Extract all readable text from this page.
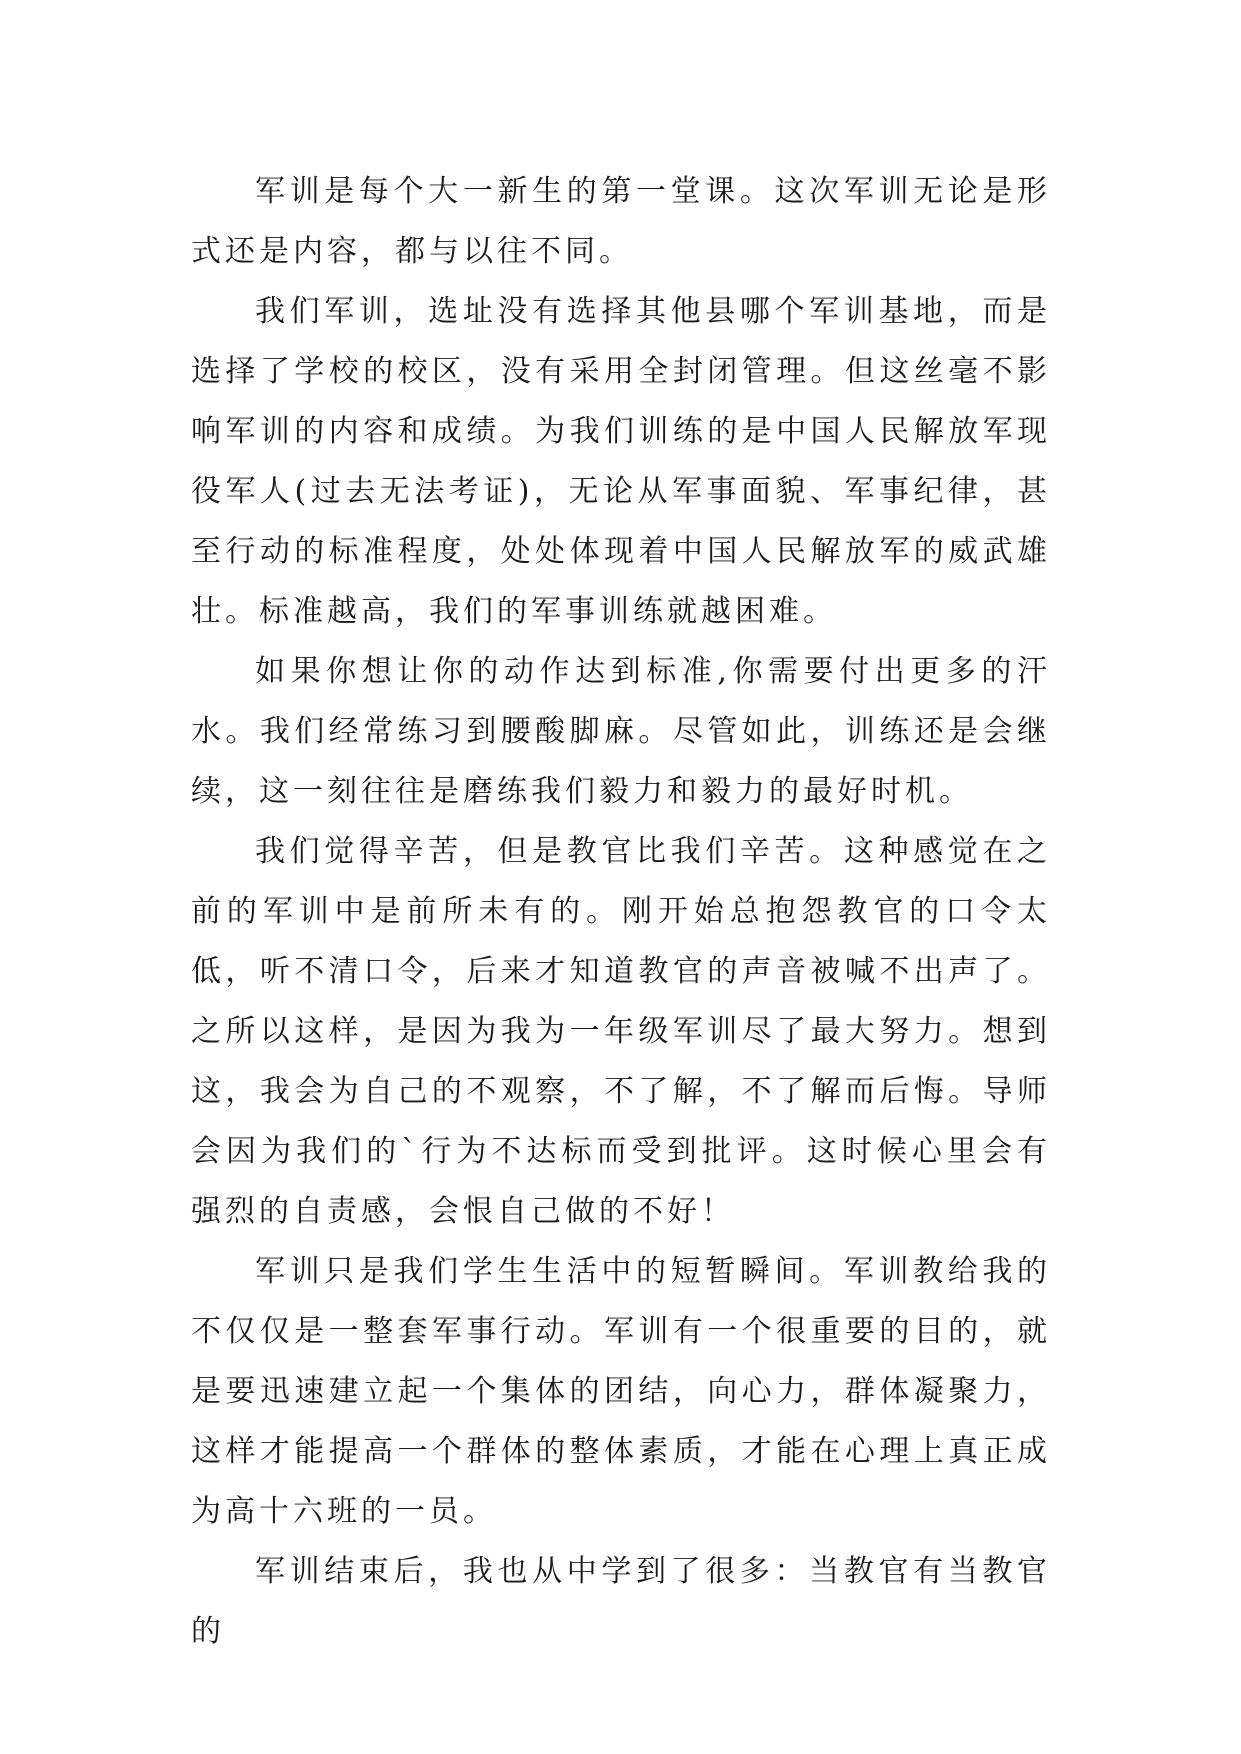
军训是每个大一新生的第一堂课。这次军训无论是形式还是内容，都与以往不同。

我们军训，选址没有选择其他县哪个军训基地，而是选择了学校的校区，没有采用全封闭管理。但这丝毫不影响军训的内容和成绩。为我们训练的是中国人民解放军现役军人(过去无法考证)，无论从军事面貌、军事纪律，甚至行动的标准程度，处处体现着中国人民解放军的威武雄壮。标准越高，我们的军事训练就越困难。

如果你想让你的动作达到标准,你需要付出更多的汗水。我们经常练习到腰酸脚麻。尽管如此，训练还是会继续，这一刻往往是磨练我们毅力和毅力的最好时机。

我们觉得辛苦，但是教官比我们辛苦。这种感觉在之前的军训中是前所未有的。刚开始总抱怨教官的口令太低，听不清口令，后来才知道教官的声音被喊不出声了。之所以这样，是因为我为一年级军训尽了最大努力。想到这，我会为自己的不观察，不了解，不了解而后悔。导师会因为我们的`行为不达标而受到批评。这时候心里会有强烈的自责感，会恨自己做的不好！

军训只是我们学生生活中的短暂瞬间。军训教给我的不仅仅是一整套军事行动。军训有一个很重要的目的，就是要迅速建立起一个集体的团结，向心力，群体凝聚力，这样才能提高一个群体的整体素质，才能在心理上真正成为高十六班的一员。

军训结束后，我也从中学到了很多：当教官有当教官的
